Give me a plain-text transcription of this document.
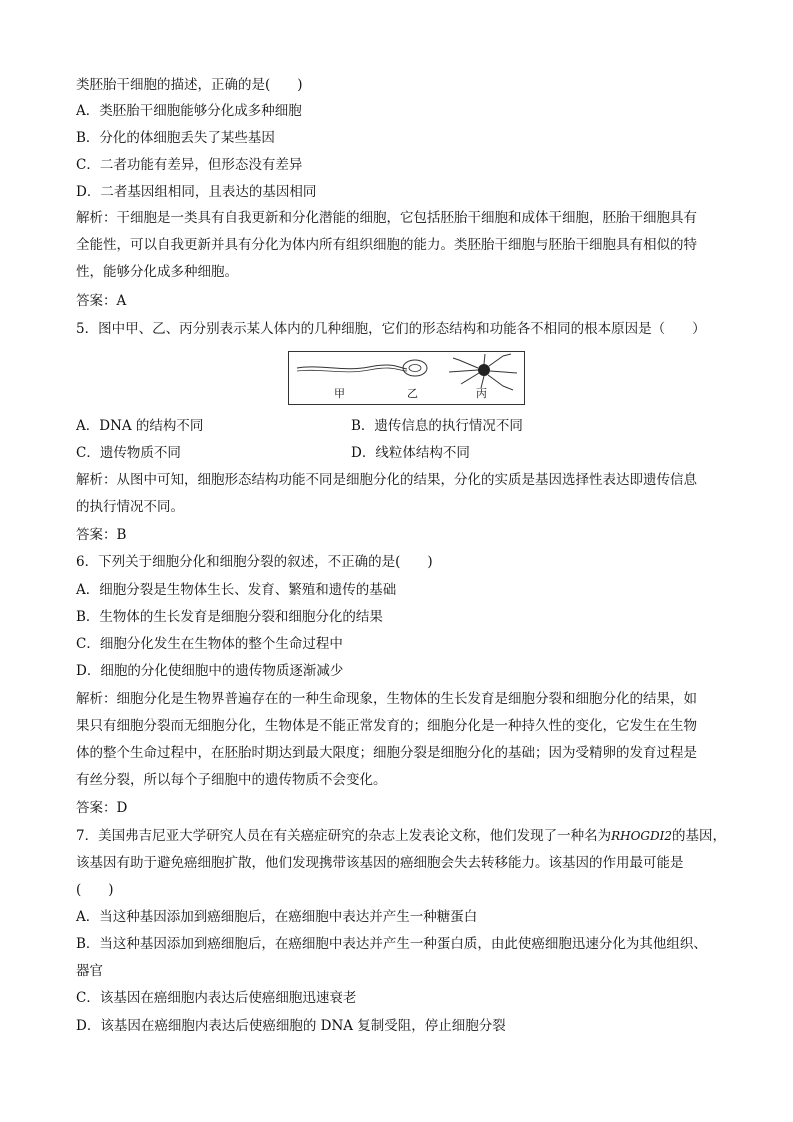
类胚胎干细胞的描述，正确的是(　　)
A．类胚胎干细胞能够分化成多种细胞
B．分化的体细胞丢失了某些基因
C．二者功能有差异，但形态没有差异
D．二者基因组相同，且表达的基因相同
解析：干细胞是一类具有自我更新和分化潜能的细胞，它包括胚胎干细胞和成体干细胞，胚胎干细胞具有
全能性，可以自我更新并具有分化为体内所有组织细胞的能力。类胚胎干细胞与胚胎干细胞具有相似的特
性，能够分化成多种细胞。
答案：A
5．图中甲、乙、丙分别表示某人体内的几种细胞，它们的形态结构和功能各不相同的根本原因是（　　）
甲	乙	丙
A．DNA 的结构不同	B．遗传信息的执行情况不同
C．遗传物质不同	D．线粒体结构不同
解析：从图中可知，细胞形态结构功能不同是细胞分化的结果，分化的实质是基因选择性表达即遗传信息
的执行情况不同。
答案：B
6．下列关于细胞分化和细胞分裂的叙述，不正确的是(　　)
A．细胞分裂是生物体生长、发育、繁殖和遗传的基础
B．生物体的生长发育是细胞分裂和细胞分化的结果
C．细胞分化发生在生物体的整个生命过程中
D．细胞的分化使细胞中的遗传物质逐渐减少
解析：细胞分化是生物界普遍存在的一种生命现象，生物体的生长发育是细胞分裂和细胞分化的结果，如
果只有细胞分裂而无细胞分化，生物体是不能正常发育的；细胞分化是一种持久性的变化，它发生在生物
体的整个生命过程中，在胚胎时期达到最大限度；细胞分裂是细胞分化的基础；因为受精卵的发育过程是
有丝分裂，所以每个子细胞中的遗传物质不会变化。
答案：D
7．美国弗吉尼亚大学研究人员在有关癌症研究的杂志上发表论文称，他们发现了一种名为RHOGDI2的基因，
该基因有助于避免癌细胞扩散，他们发现携带该基因的癌细胞会失去转移能力。该基因的作用最可能是
(　　)
A．当这种基因添加到癌细胞后，在癌细胞中表达并产生一种糖蛋白
B．当这种基因添加到癌细胞后，在癌细胞中表达并产生一种蛋白质，由此使癌细胞迅速分化为其他组织、
器官
C．该基因在癌细胞内表达后使癌细胞迅速衰老
D．该基因在癌细胞内表达后使癌细胞的 DNA 复制受阻，停止细胞分裂
